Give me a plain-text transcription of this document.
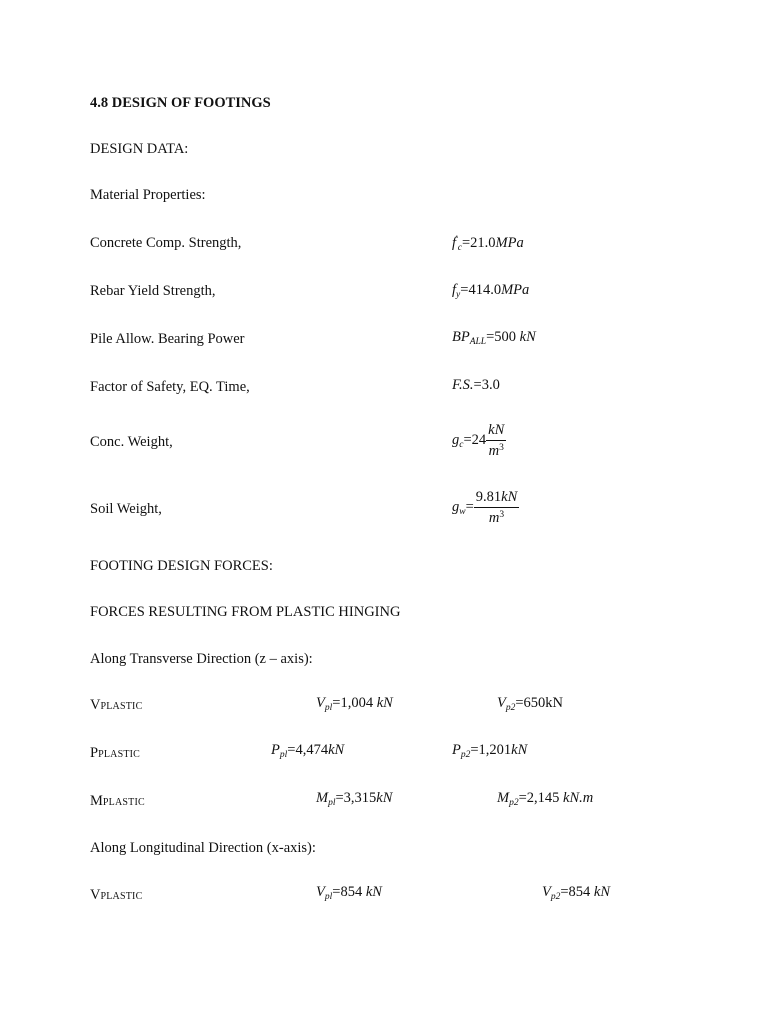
4.8 DESIGN OF FOOTINGS
DESIGN DATA:
Material Properties:
Concrete Comp. Strength,	$f'_c=21.0MPa$
Rebar Yield Strength,	$f_y=414.0MPa$
Pile Allow. Bearing Power	$BP_{ALL}=500$ kN
Factor of Safety, EQ. Time,	F.S.=3.0
Conc. Weight,	$g_c=24 \frac{kN}{m^3}$
Soil Weight,	$g_w= \frac{9.81kN}{m^3}$
FOOTING DESIGN FORCES:
FORCES RESULTING FROM PLASTIC HINGING
Along Transverse Direction (z – axis):
VPLASTIC	$V_{pl}=1,004$ kN	$V_{p2}=650kN$
PPLASTIC	$P_{pl}=4,474kN$	$P_{p2}=1,201kN$
MPLASTIC	$M_{pl}=3,315kN$	$M_{p2}=2,145$ kN.m
Along Longitudinal Direction (x-axis):
VPLASTIC	$V_{pl}=854$ kN	$V_{p2}=854$ kN
